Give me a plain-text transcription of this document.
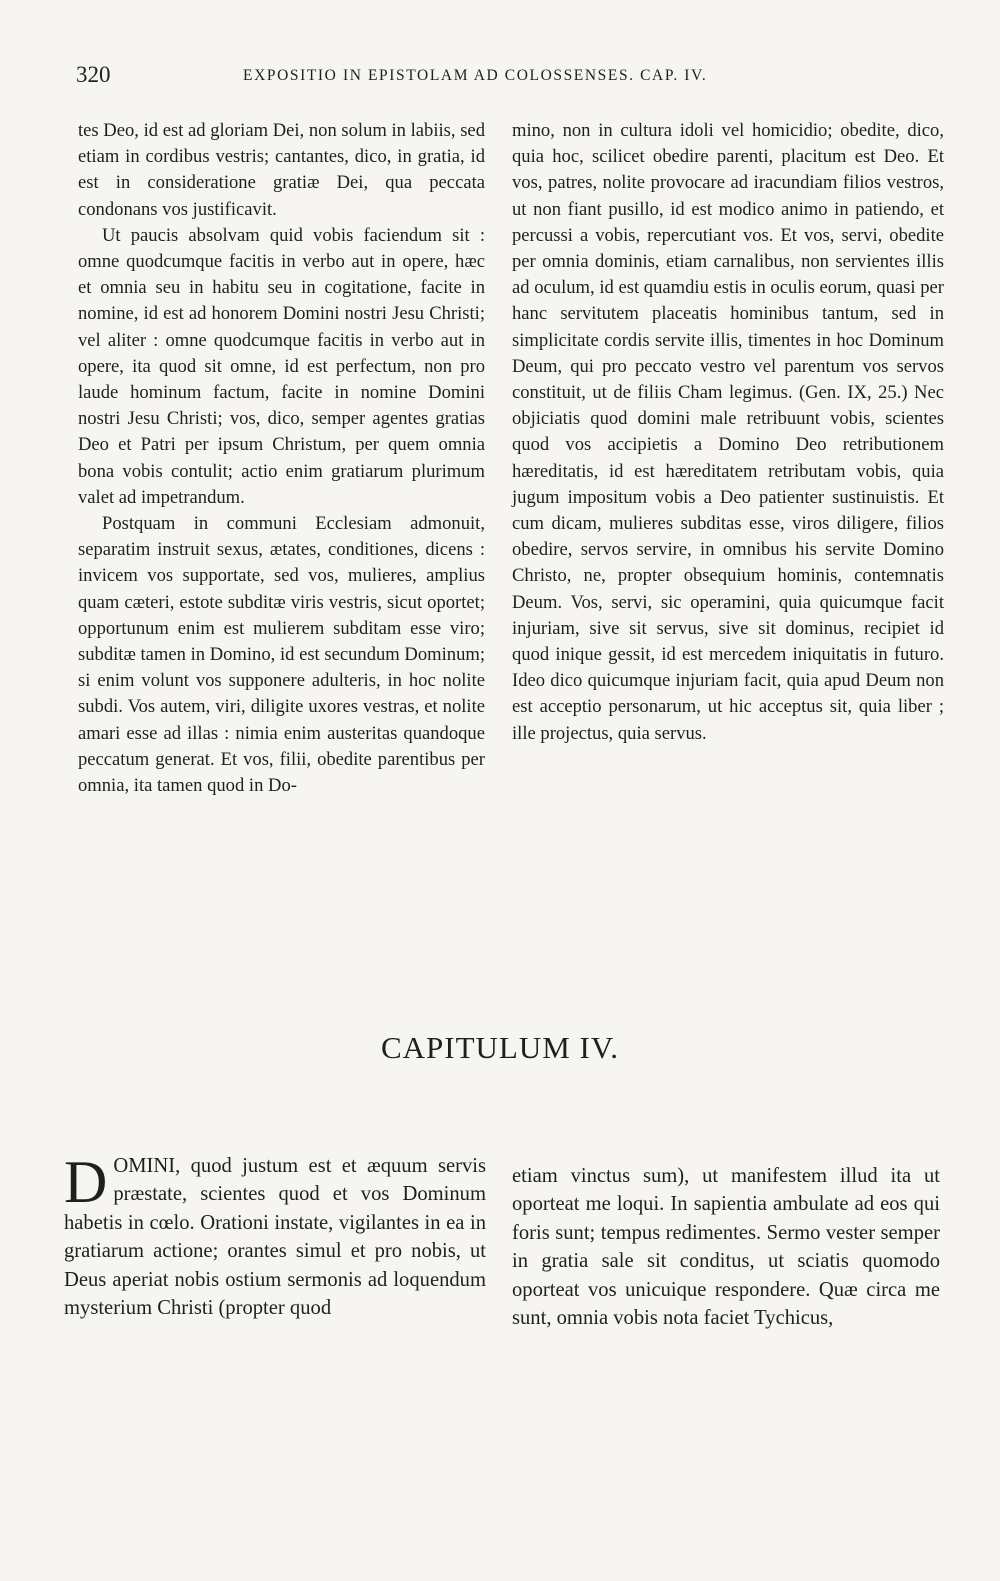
320	EXPOSITIO IN EPISTOLAM AD COLOSSENSES. CAP. IV.

tes Deo, id est ad gloriam Dei, non solum in labiis, sed etiam in cordibus vestris; cantantes, dico, in gratia, id est in consideratione gratiæ Dei, qua peccata condonans vos justificavit.

Ut paucis absolvam quid vobis faciendum sit : omne quodcumque facitis in verbo aut in opere, hæc et omnia seu in habitu seu in cogitatione, facite in nomine, id est ad honorem Domini nostri Jesu Christi; vel aliter : omne quodcumque facitis in verbo aut in opere, ita quod sit omne, id est perfectum, non pro laude hominum factum, facite in nomine Domini nostri Jesu Christi; vos, dico, semper agentes gratias Deo et Patri per ipsum Christum, per quem omnia bona vobis contulit; actio enim gratiarum plurimum valet ad impetrandum.

Postquam in communi Ecclesiam admonuit, separatim instruit sexus, ætates, conditiones, dicens : invicem vos supportate, sed vos, mulieres, amplius quam cæteri, estote subditæ viris vestris, sicut oportet; opportunum enim est mulierem subditam esse viro; subditæ tamen in Domino, id est secundum Dominum; si enim volunt vos supponere adulteris, in hoc nolite subdi. Vos autem, viri, diligite uxores vestras, et nolite amari esse ad illas : nimia enim austeritas quandoque peccatum generat. Et vos, filii, obedite parentibus per omnia, ita tamen quod in Do-

mino, non in cultura idoli vel homicidio; obedite, dico, quia hoc, scilicet obedire parenti, placitum est Deo. Et vos, patres, nolite provocare ad iracundiam filios vestros, ut non fiant pusillo, id est modico animo in patiendo, et percussi a vobis, repercutiant vos. Et vos, servi, obedite per omnia dominis, etiam carnalibus, non servientes illis ad oculum, id est quamdiu estis in oculis eorum, quasi per hanc servitutem placeatis hominibus tantum, sed in simplicitate cordis servite illis, timentes in hoc Dominum Deum, qui pro peccato vestro vel parentum vos servos constituit, ut de filiis Cham legimus. (Gen. IX, 25.) Nec objiciatis quod domini male retribuunt vobis, scientes quod vos accipietis a Domino Deo retributionem hæreditatis, id est hæreditatem retributam vobis, quia jugum impositum vobis a Deo patienter sustinuistis. Et cum dicam, mulieres subditas esse, viros diligere, filios obedire, servos servire, in omnibus his servite Domino Christo, ne, propter obsequium hominis, contemnatis Deum. Vos, servi, sic operamini, quia quicumque facit injuriam, sive sit servus, sive sit dominus, recipiet id quod inique gessit, id est mercedem iniquitatis in futuro. Ideo dico quicumque injuriam facit, quia apud Deum non est acceptio personarum, ut hic acceptus sit, quia liber ; ille projectus, quia servus.

CAPITULUM IV.
D OMINI, quod justum est et æquum servis præstate, scientes quod et vos Dominum habetis in cœlo. Orationi instate, vigilantes in ea in gratiarum actione; orantes simul et pro nobis, ut Deus aperiat nobis ostium sermonis ad loquendum mysterium Christi (propter quod
etiam vinctus sum), ut manifestem illud ita ut oporteat me loqui. In sapientia ambulate ad eos qui foris sunt; tempus redimentes. Sermo vester semper in gratia sale sit conditus, ut sciatis quomodo oporteat vos unicuique respondere. Quæ circa me sunt, omnia vobis nota faciet Tychicus,
